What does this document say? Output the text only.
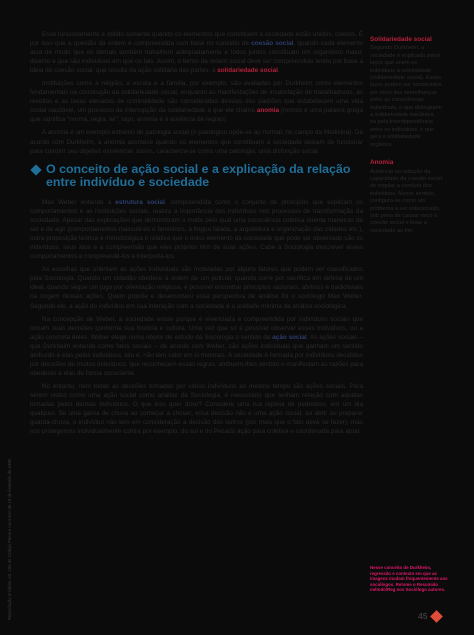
Reprodução proibida. Art. 184 do Código Penal e Lei 9.610 de 19 de fevereiro de 1998.

Esse funcionamento é obtido somente quando os elementos que constituem a sociedade estão unidos, coesos. É por isso que a questão da ordem é compreendida com base no conceito de coesão social, quando cada elemento atua de modo que os demais também trabalhem adequadamente e todos juntos constituam um organismo maior, diverso e que são indivíduos em que os tais. Assim, o termo da ordem social deve ser compreendido tendo por base a ideia de coesão social, que resulta da ação solidária das partes, a solidariedade social.

Instituições como a religião, a escola e a família, por exemplo, são avaliadas por Durkheim como elementos fundamentais na construção da solidariedade social, enquanto as manifestações de insatisfação de trabalhadores, as revoltas e as taxas elevadas de criminalidade são consideradas desvios dos padrões que estabelecem uma vida social saudável, um processo de interrupção da solidariedade a que ele chama anomia (nomos é uma palavra grega que significa "norma, regra, lei"; logo, anomia é a ausência de regras).

A anomia é um exemplo extremo de patologia social (o patológico opõe-se ao normal, no campo da Medicina). De acordo com Durkheim, a anomia acontece quando os elementos que constituem a sociedade deixam de funcionar para cumprir seu objetivo existencial; assim, caracteriza-se como uma patologia, uma disfunção social.

O conceito de ação social e a explicação da relação entre indivíduo e sociedade

Max Weber entende a estrutura social, compreendida como o conjunto de princípios que explicam os comportamentos e as instituições sociais, realiza a importância dos indivíduos nos processos de transformação da sociedade. Apesar das explicações que demonstram o modo pelo qual uma consciência coletiva orienta maneiras de ser e de agir (comportamentos masculinos e femininos, a língua falada, a arquitetura e organização das cidades etc.), outra proposição teórica e metodológica é relativa que o único elemento da sociedade que pode ser observado são os indivíduos, seus atos e a compreensão que eles próprios têm de suas ações. Cabe à Sociologia descrever esses comportamentos e compreendê-los e interpretá-los.

As escolhas que orientam as ações individuais são motivadas por alguns fatores que podem ser classificados pela Sociologia. Quando um cidadão obedece à ordem de um policial, quando corre por sacrifica em defesa de um ideal, quando segue um jogo por orientação religiosa, é possível encontrar princípios racionais, afetivos e tradicionais na origem dessas ações. Quem propõe e desenvolveu essa perspectiva de análise foi o sociólogo Max Weber. Segundo ele, a ação do indivíduo em sua interação com a sociedade é a unidade mínima da análise sociológica.

Na concepção de Weber, a sociedade existe porque é vivenciada e compreendida por indivíduos sociais que tomam suas decisões conforme sua história e cultura. Uma vez que só é possível observar esses indivíduos, ou a ação concreta deles, Weber elege como objeto de estudo da Sociologia o sentido da ação social. As ações sociais – que Durkheim entende como fatos sociais – de acordo com Weber, são ações individuais que ganham um sentido atribuído a elas pelos indivíduos, isto é, não têm valor em si mesmas. A sociedade é formada por indivíduos decididos por decisões de muitos indivíduos, que reconhecem essas regras, atribuem-lhes sentido e manifestam as razões para obedecer a elas de forma consciente.

No entanto, nem todas as decisões tomadas por vários indivíduos ao mesmo tempo são ações sociais. Para serem vistos como uma ação social como análise da Sociologia, é necessário que tenham relação com aquelas tomadas pelos demais indivíduos. O que isso quer dizer? Considere uma rua repleta de pedestres, em um dia qualquer. Se uma garoa de chuva ao começar a chover, essa decisão não é uma ação social, ao abrir ou preparar guarda-chuva, o indivíduo não tem em consideração a decisão dos outros (por mais que o fato deva se fazer); mas nos protegemos individualmente contra por exemplo, do sol e do Pesado ação para coletiva e coordenada para atuar.

Solidariedade social
Segundo Durkheim, a sociedade é explicada pelos laços que unem os indivíduos à coletividade (solidariedade social). Esses laços podem ser construídos por meio das semelhanças entre as consciências individuais, o que distinguem a solidariedade mecânica, ou pela interdependência entre os indivíduos, o que gera a solidariedade orgânica.
Anomia
Ausência ou redução da capacidade da coesão social de regular a conduta dos indivíduos. Nesse sentido, configura-se como um problema a ser solucionado, sob pena de causar risco à coesão social e levar a sociedade ao fim.
Nesse conceito de Durkheim, regressão e contexto em que as imagens mudam frequentemente aos sociólogos. Retome o Resumido método/Reg nos Sociólogo autores.
45
